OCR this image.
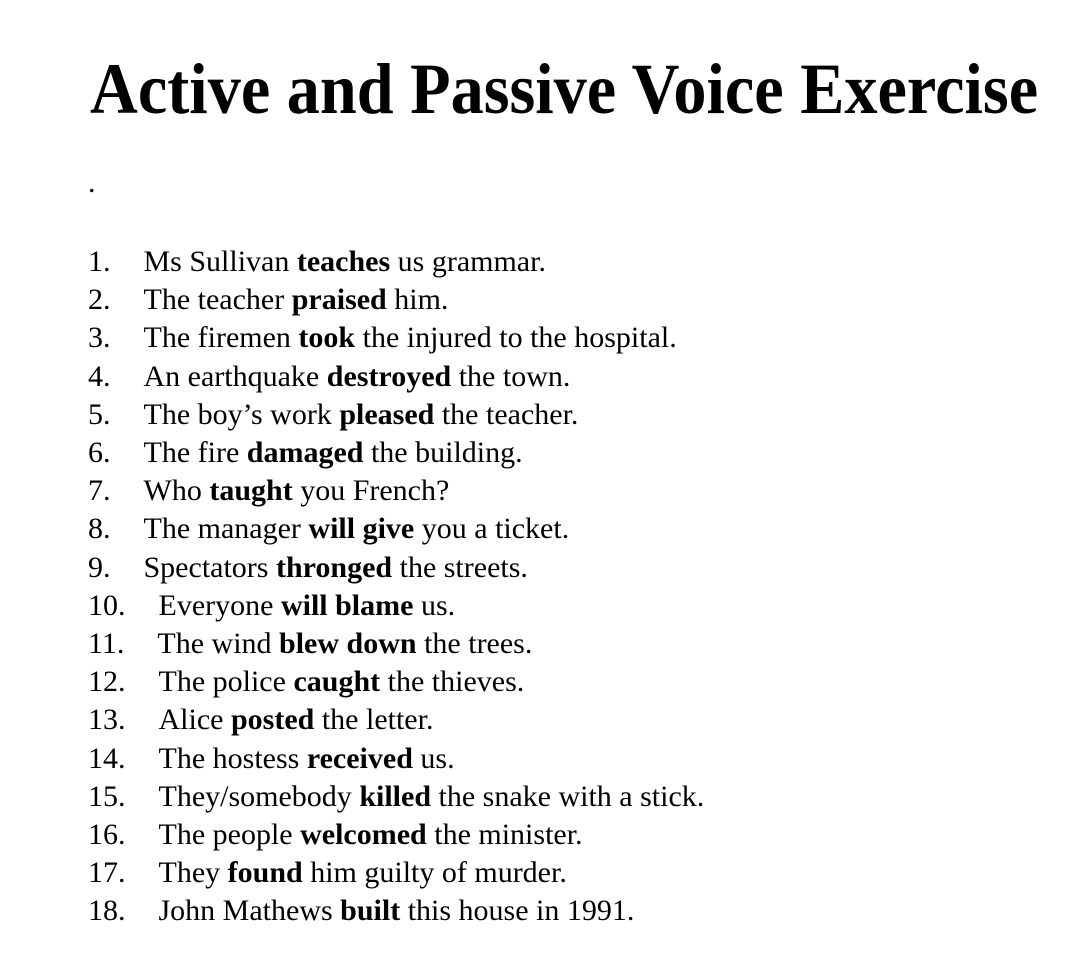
Active and Passive Voice Exercise

.

1. Ms Sullivan teaches us grammar.
2. The teacher praised him.
3. The firemen took the injured to the hospital.
4. An earthquake destroyed the town.
5. The boy’s work pleased the teacher.
6. The fire damaged the building.
7. Who taught you French?
8. The manager will give you a ticket.
9. Spectators thronged the streets.
10. Everyone will blame us.
11. The wind blew down the trees.
12. The police caught the thieves.
13. Alice posted the letter.
14. The hostess received us.
15. They/somebody killed the snake with a stick.
16. The people welcomed the minister.
17. They found him guilty of murder.
18. John Mathews built this house in 1991.
